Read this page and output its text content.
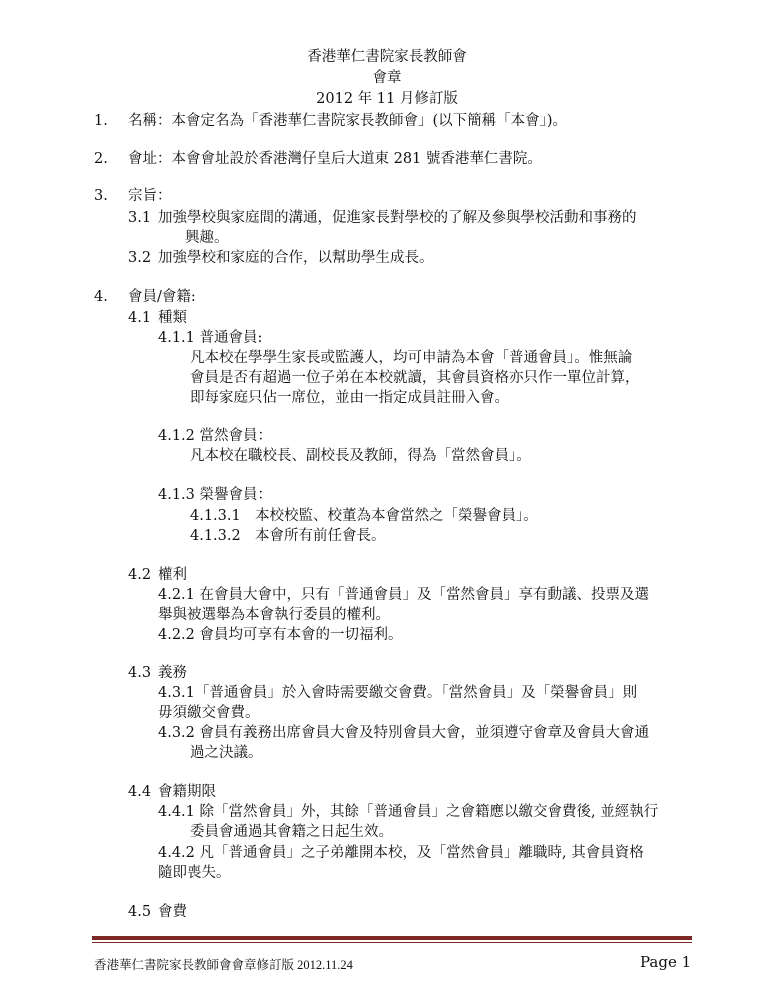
香港華仁書院家長教師會
會章
2012 年 11 月修訂版
1. 名稱：本會定名為「香港華仁書院家長教師會」(以下簡稱「本會」)。
2. 會址：本會會址設於香港灣仔皇后大道東 281 號香港華仁書院。
3. 宗旨：
3.1 加強學校與家庭間的溝通，促進家長對學校的了解及參與學校活動和事務的
興趣。
3.2 加強學校和家庭的合作，以幫助學生成長。
4. 會員/會籍:
4.1 種類
4.1.1 普通會員:
凡本校在學學生家長或監護人，均可申請為本會「普通會員」。惟無論
會員是否有超過一位子弟在本校就讀，其會員資格亦只作一單位計算，
即每家庭只佔一席位，並由一指定成員註冊入會。
4.1.2 當然會員：
凡本校在職校長、副校長及教師，得為「當然會員」。
4.1.3 榮譽會員：
4.1.3.1 本校校監、校董為本會當然之「榮譽會員」。
4.1.3.2 本會所有前任會長。
4.2 權利
4.2.1 在會員大會中，只有「普通會員」及「當然會員」享有動議、投票及選
舉與被選舉為本會執行委員的權利。
4.2.2 會員均可享有本會的一切福利。
4.3 義務
4.3.1「普通會員」於入會時需要繳交會費。「當然會員」及「榮譽會員」則
毋須繳交會費。
4.3.2 會員有義務出席會員大會及特別會員大會，並須遵守會章及會員大會通
過之決議。
4.4 會籍期限
4.4.1 除「當然會員」外，其餘「普通會員」之會籍應以繳交會費後, 並經執行
委員會通過其會籍之日起生效。
4.4.2 凡「普通會員」之子弟離開本校，及「當然會員」離職時, 其會員資格
隨即喪失。
4.5 會費
香港華仁書院家長教師會會章修訂版 2012.11.24	Page 1
